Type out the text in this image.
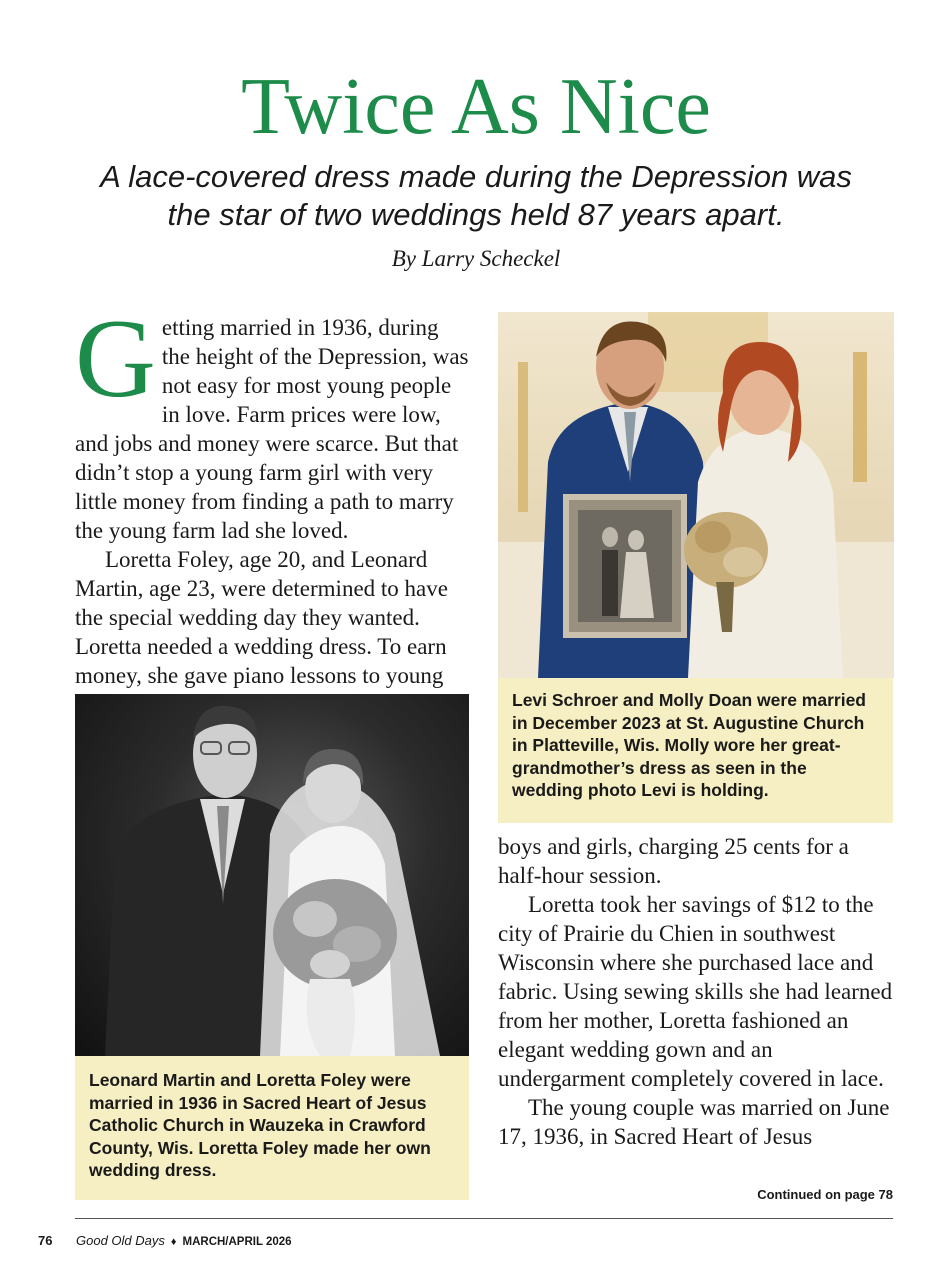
Twice As Nice

A lace-covered dress made during the Depression was the star of two weddings held 87 years apart.

By Larry Scheckel

Getting married in 1936, during the height of the Depression, was not easy for most young people in love. Farm prices were low, and jobs and money were scarce. But that didn’t stop a young farm girl with very little money from finding a path to marry the young farm lad she loved.

Loretta Foley, age 20, and Leonard Martin, age 23, were determined to have the special wedding day they wanted. Loretta needed a wedding dress. To earn money, she gave piano lessons to young

Levi Schroer and Molly Doan were married in December 2023 at St. Augustine Church in Platteville, Wis. Molly wore her great-grandmother’s dress as seen in the wedding photo Levi is holding.
Leonard Martin and Loretta Foley were married in 1936 in Sacred Heart of Jesus Catholic Church in Wauzeka in Crawford County, Wis. Loretta Foley made her own wedding dress.

boys and girls, charging 25 cents for a half-hour session.

Loretta took her savings of $12 to the city of Prairie du Chien in southwest Wisconsin where she purchased lace and fabric. Using sewing skills she had learned from her mother, Loretta fashioned an elegant wedding gown and an undergarment completely covered in lace.

The young couple was married on June 17, 1936, in Sacred Heart of Jesus

Continued on page 78
76	Good Old Days ♦ MARCH/APRIL 2026
